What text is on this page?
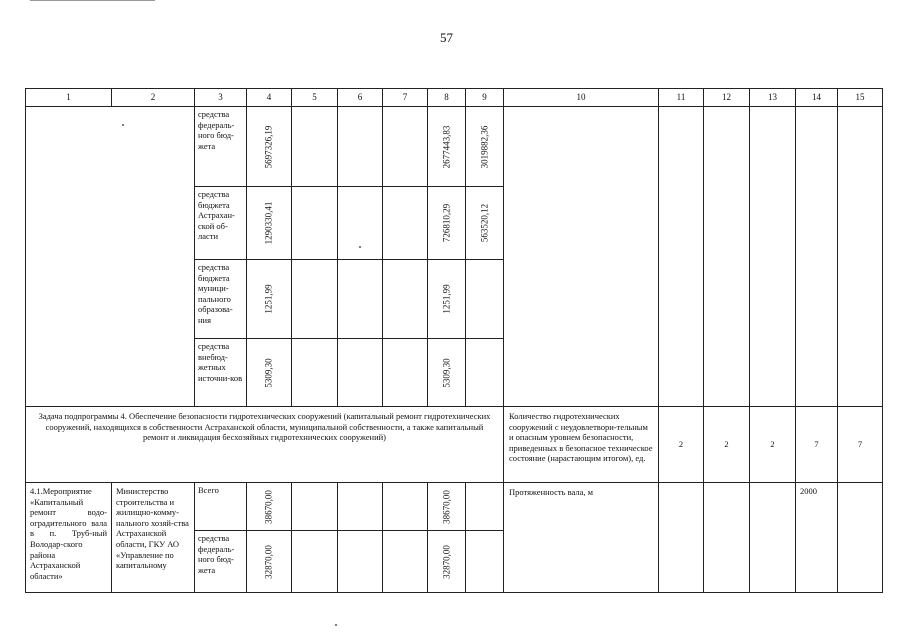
57
1	2	3	4	5	6	7	8	9	10	11	12	13	14	15
		средства федераль-ного бюд-жета	5697326,19				2677443,83	3019882,36						

		средства бюджета Астрахан-ской об-ласти	1290330,41				726810,29	563520,12						

		средства бюджета муници-пального образова-ния	1251,99				1251,99							

		средства внебюд-жетных источни-ков	5309,30				5309,30							

Задача подпрограммы 4. Обеспечение безопасности гидротехнических сооружений (капитальный ремонт гидротехнических сооружений, находящихся в собственности Астраханской области, муниципальной собственности, а также капитальный ремонт и ликвидация бесхозяйных гидротехнических сооружений)									Количество гидротехнических сооружений с неудовлетвори-тельным и опасным уровнем безопасности, приведенных в безопасное техническое состояние (нарастающим итогом), ед.	2	2	2	7	7
4.1.Мероприятие «Капитальный ремонт водо-оградительного вала в п. Труб-ный Володар-ского района Астраханской области»	Министерство строительства и жилищно-комму-нального хозяй-ства Астраханской области, ГКУ АО «Управление по капитальному	Всего	38670,00				38670,00		Протяженность вала, м				2000	
		средства федераль-ного бюд-жета	32870,00				32870,00							
